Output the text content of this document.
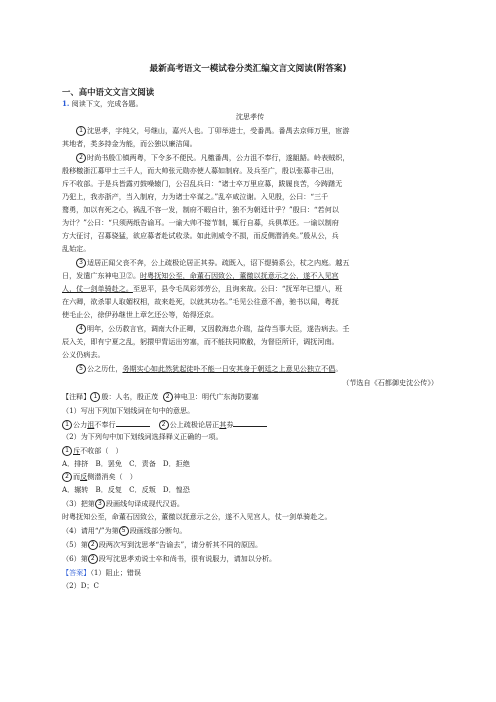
最新高考语文一模试卷分类汇编文言文阅读(附答案)
一、高中语文文言文阅读
1. 阅读下文，完成各题。
沈思孝传
1 沈思孝，字纯父，号继山，嘉兴人也。丁卯举进士，受番禺。番禺去京师万里，宦游
其地者，类多持金为能，而公独以廉洁闻。
2 时尚书殷①镇两粤，下令多不便民。凡檄番禺，公力沮不奉行，遂龃龉。岭表贼织，
殷移檄浙江募甲士三千人，而大帅张元勋亦使人募如制府。及兵至广，殷以张募非己出，
斥不收部。于是兵皆露刃鼓噪辕门，公召乱兵曰：“诸士卒万里应募，跋履良苦，今踌躇无
乃犯上，我亦浙产，当入制府，力为诸士卒谋之。”乱卒咸泣谢。入见殷，公曰：“三千
鹜勇，加以有死之心，祸乱不容一发，制府不暇自计，独不为朝廷计乎？”殷曰：“若何以
为计？”公曰：“只须两纸告谕耳。一谕大帅不接节制，辄行自募，兵俱革还。一谕以制府
方大征讨，召募骁猛，欲应募者赴试收录。如此则威令不损，而反侧潜消矣。”殷从公，兵
乱始定。
3 适居正闻父丧不奔，公上疏极论居正其券。疏既入，诏下缇骑系公，杖之内庭。越五
日，发遣广东神电卫②。时粤抚知公至，命董石因致公，董徼以抚意示之公，遂不入见宫
人，仗一剑单骑赴之。至思平，县令毛凤彩郊劳公，且询来故。公曰：“抚军年已望八，班
在六卿，欲杀罪人取媚权相，故来赴死，以就其功名。”毛见公往意不善，驰书以闻，粤抚
使毛止公，徐伊孙继世上章乞还公等，始得还京。
4 明年，公历救言官，调南大仆正卿，又因救海忠介瑞，益侍当事大臣，遂告病去。壬
辰入关，即有宁夏之乱，躬擐甲胄运出穷塞，而不能扶同欺敝，为督臣所讦，调抚河南。
公义仍病去。
5 公之历仕，务期实心如此然犹起徒卟不能一日安其身于朝廷之上意见公独立不倡。
（节选自《石都御史沈公传》）
【注释】 1 殷：人名，殷正茂 2 神电卫：明代广东海防要塞
（1）写出下列加下划线词在句中的意思。
1 公力沮不奉行	2 公上疏极论居正其券
（2）为下列句中加下划线词选择释义正确的一项。
1 斥不收部（　）
A．排挤　B．罢免　C．责备　D．拒绝
2 而反侧潜消矣（　）
A．辗转　B．反复　C．反叛　D．惶恐
（3）把第 3 段画线句译成现代汉语。
时粤抚知公至，命董石因致公，董徼以抚意示之公，遂不入见宫人，仗一剑单骑赴之。
（4）请用“/”为第 5 段画线部分断句。
（5）第 2 段两次写到沈思孝“告谕去”，请分析其不同的原因。
（6）第 2 段写沈思孝劝说士卒和尚书，很有说服力，请加以分析。
【答案】（1）阻止；错误
（2）D；C
